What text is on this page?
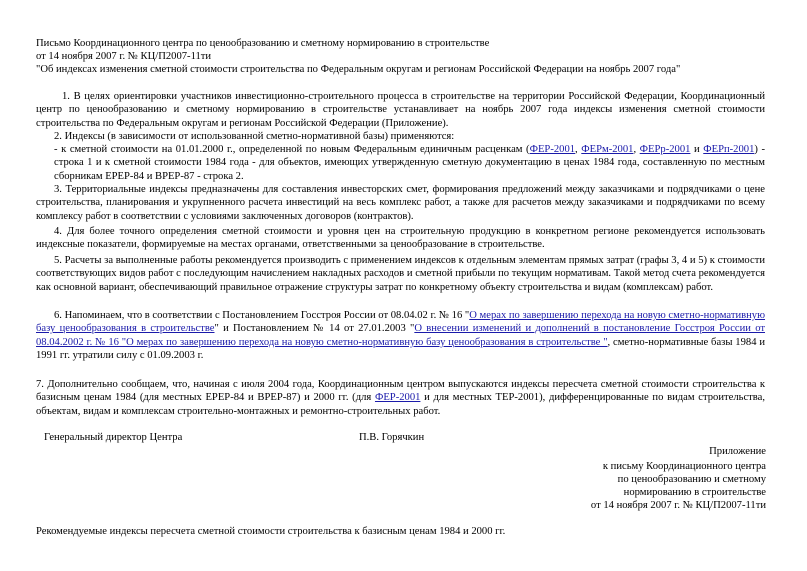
Письмо Координационного центра по ценообразованию и сметному нормированию в строительстве
от 14 ноября 2007 г. № КЦ/П2007-11ти
"Об индексах изменения сметной стоимости строительства по Федеральным округам и регионам Российской Федерации на ноябрь 2007 года"
1. В целях ориентировки участников инвестиционно-строительного процесса в строительстве на территории Российской Федерации, Координационный центр по ценообразованию и сметному нормированию в строительстве устанавливает на ноябрь 2007 года индексы изменения сметной стоимости строительства по Федеральным округам и регионам Российской Федерации (Приложение).
2. Индексы (в зависимости от использованной сметно-нормативной базы) применяются:
- к сметной стоимости на 01.01.2000 г., определенной по новым Федеральным единичным расценкам (ФЕР-2001, ФЕРм-2001, ФЕРр-2001 и ФЕРп-2001) - строка 1 и к сметной стоимости 1984 года - для объектов, имеющих утвержденную сметную документацию в ценах 1984 года, составленную по местным сборникам ЕРЕР-84 и ВРЕР-87 - строка 2.
3. Территориальные индексы предназначены для составления инвесторских смет, формирования предложений между заказчиками и подрядчиками о цене строительства, планирования и укрупненного расчета инвестиций на весь комплекс работ, а также для расчетов между заказчиками и подрядчиками по всему комплексу работ в соответствии с условиями заключенных договоров (контрактов).
4. Для более точного определения сметной стоимости и уровня цен на строительную продукцию в конкретном регионе рекомендуется использовать индексные показатели, формируемые на местах органами, ответственными за ценообразование в строительстве.
5. Расчеты за выполненные работы рекомендуется производить с применением индексов к отдельным элементам прямых затрат (графы 3, 4 и 5) к стоимости соответствующих видов работ с последующим начислением накладных расходов и сметной прибыли по текущим нормативам. Такой метод счета рекомендуется как основной вариант, обеспечивающий правильное отражение структуры затрат по конкретному объекту строительства и видам (комплексам) работ.
6. Напоминаем, что в соответствии с Постановлением Госстроя России от 08.04.02 г. № 16 "О мерах по завершению перехода на новую сметно-нормативную базу ценообразования в строительстве" и Постановлением № 14 от 27.01.2003 "О внесении изменений и дополнений в постановление Госстроя России от 08.04.2002 г. № 16 "О мерах по завершению перехода на новую сметно-нормативную базу ценообразования в строительстве ", сметно-нормативные базы 1984 и 1991 гг. утратили силу с 01.09.2003 г.
7. Дополнительно сообщаем, что, начиная с июля 2004 года, Координационным центром выпускаются индексы пересчета сметной стоимости строительства к базисным ценам 1984 (для местных ЕРЕР-84 и ВРЕР-87) и 2000 гг. (для ФЕР-2001 и для местных ТЕР-2001), дифференцированные по видам строительства, объектам, видам и комплексам строительно-монтажных и ремонтно-строительных работ.
Генеральный директор Центра	П.В. Горячкин
Приложение
к письму Координационного центра
по ценообразованию и сметному
нормированию в строительстве
от 14 ноября 2007 г. № КЦ/П2007-11ти
Рекомендуемые индексы пересчета сметной стоимости строительства к базисным ценам 1984 и 2000 гг.
